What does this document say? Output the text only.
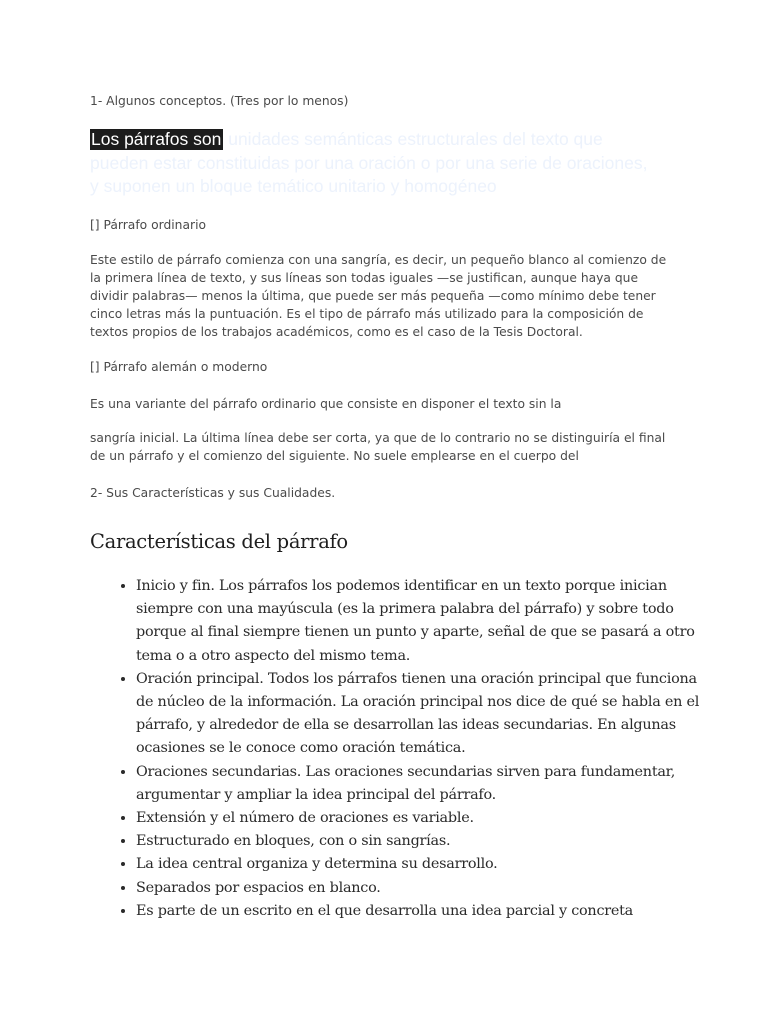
1- Algunos conceptos. (Tres por lo menos)

Los párrafos son unidades semánticas estructurales del texto que pueden estar constituidas por una oración o por una serie de oraciones, y suponen un bloque temático unitario y homogéneo

[] Párrafo ordinario

Este estilo de párrafo comienza con una sangría, es decir, un pequeño blanco al comienzo de la primera línea de texto, y sus líneas son todas iguales —se justifican, aunque haya que dividir palabras— menos la última, que puede ser más pequeña —como mínimo debe tener cinco letras más la puntuación. Es el tipo de párrafo más utilizado para la composición de textos propios de los trabajos académicos, como es el caso de la Tesis Doctoral.

[] Párrafo alemán o moderno

Es una variante del párrafo ordinario que consiste en disponer el texto sin la

sangría inicial. La última línea debe ser corta, ya que de lo contrario no se distinguiría el final de un párrafo y el comienzo del siguiente. No suele emplearse en el cuerpo del

2- Sus Características y sus Cualidades.

Características del párrafo
• Inicio y fin. Los párrafos los podemos identificar en un texto porque inician siempre con una mayúscula (es la primera palabra del párrafo) y sobre todo porque al final siempre tienen un punto y aparte, señal de que se pasará a otro tema o a otro aspecto del mismo tema.
• Oración principal. Todos los párrafos tienen una oración principal que funciona de núcleo de la información. La oración principal nos dice de qué se habla en el párrafo, y alrededor de ella se desarrollan las ideas secundarias. En algunas ocasiones se le conoce como oración temática.
• Oraciones secundarias. Las oraciones secundarias sirven para fundamentar, argumentar y ampliar la idea principal del párrafo.
• Extensión y el número de oraciones es variable.
• Estructurado en bloques, con o sin sangrías.
• La idea central organiza y determina su desarrollo.
• Separados por espacios en blanco.
• Es parte de un escrito en el que desarrolla una idea parcial y concreta
